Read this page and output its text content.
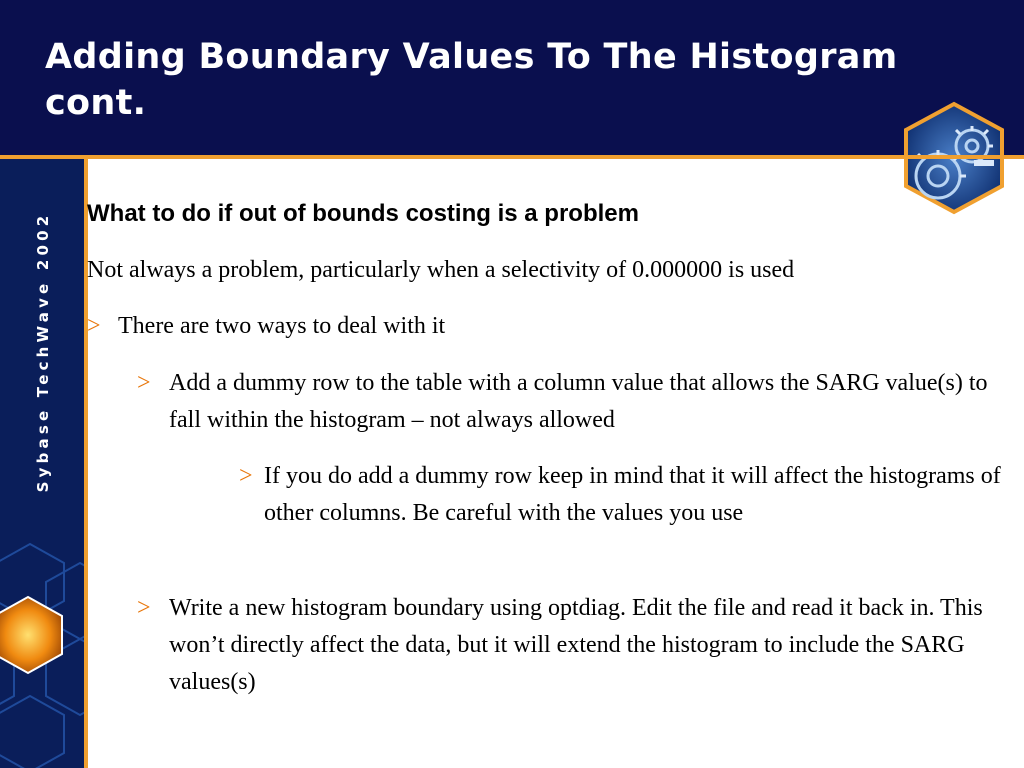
Adding Boundary Values To The Histogram cont.
Sybase TechWave 2002 What to do if out of bounds costing is a problem
Not always a problem, particularly when a selectivity of 0.000000 is used
> There are two ways to deal with it
> Add a dummy row to the table with a column value that allows the SARG value(s) to fall within the histogram – not always allowed
> If you do add a dummy row keep in mind that it will affect the histograms of other columns. Be careful with the values you use
> Write a new histogram boundary using optdiag. Edit the file and read it back in. This won’t directly affect the data, but it will extend the histogram to include the SARG values(s)
